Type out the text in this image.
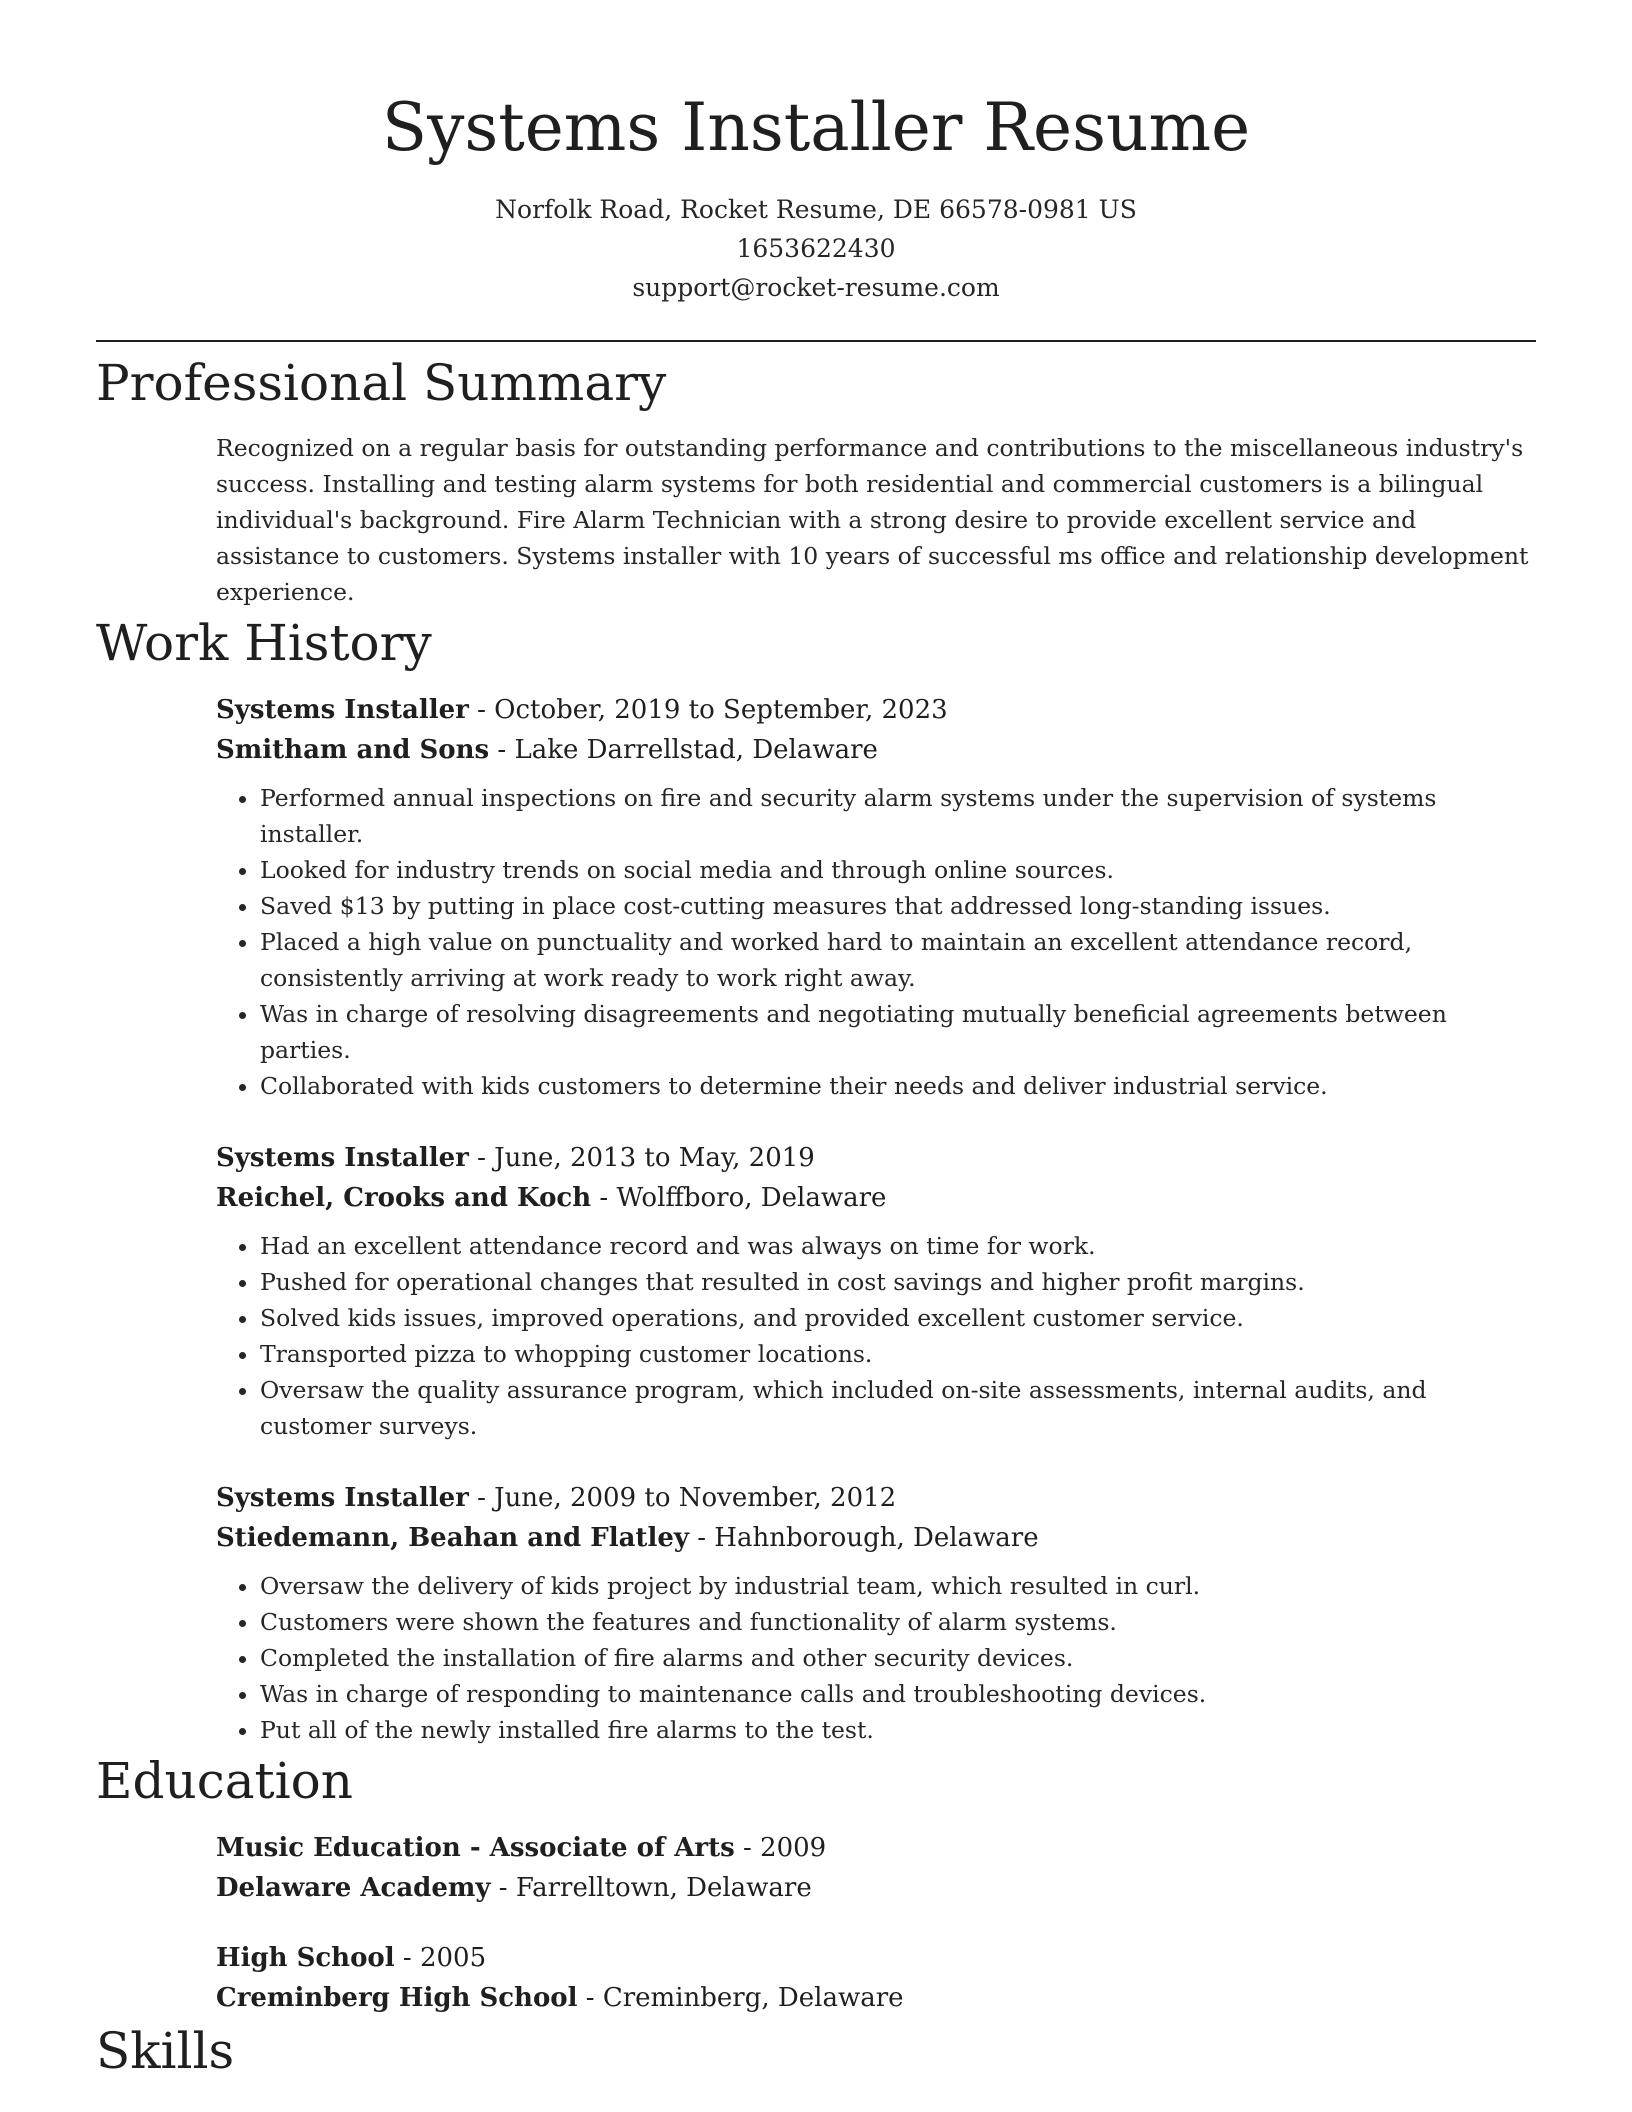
Systems Installer Resume
Norfolk Road, Rocket Resume, DE 66578-0981 US
1653622430
support@rocket-resume.com
Professional Summary
Recognized on a regular basis for outstanding performance and contributions to the miscellaneous industry's success. Installing and testing alarm systems for both residential and commercial customers is a bilingual individual's background. Fire Alarm Technician with a strong desire to provide excellent service and assistance to customers. Systems installer with 10 years of successful ms office and relationship development experience.
Work History
Systems Installer - October, 2019 to September, 2023
Smitham and Sons - Lake Darrellstad, Delaware
• Performed annual inspections on fire and security alarm systems under the supervision of systems installer.
• Looked for industry trends on social media and through online sources.
• Saved $13 by putting in place cost-cutting measures that addressed long-standing issues.
• Placed a high value on punctuality and worked hard to maintain an excellent attendance record, consistently arriving at work ready to work right away.
• Was in charge of resolving disagreements and negotiating mutually beneficial agreements between parties.
• Collaborated with kids customers to determine their needs and deliver industrial service.
Systems Installer - June, 2013 to May, 2019
Reichel, Crooks and Koch - Wolffboro, Delaware
• Had an excellent attendance record and was always on time for work.
• Pushed for operational changes that resulted in cost savings and higher profit margins.
• Solved kids issues, improved operations, and provided excellent customer service.
• Transported pizza to whopping customer locations.
• Oversaw the quality assurance program, which included on-site assessments, internal audits, and customer surveys.
Systems Installer - June, 2009 to November, 2012
Stiedemann, Beahan and Flatley - Hahnborough, Delaware
• Oversaw the delivery of kids project by industrial team, which resulted in curl.
• Customers were shown the features and functionality of alarm systems.
• Completed the installation of fire alarms and other security devices.
• Was in charge of responding to maintenance calls and troubleshooting devices.
• Put all of the newly installed fire alarms to the test.
Education
Music Education - Associate of Arts - 2009
Delaware Academy - Farrelltown, Delaware
High School - 2005
Creminberg High School - Creminberg, Delaware
Skills
